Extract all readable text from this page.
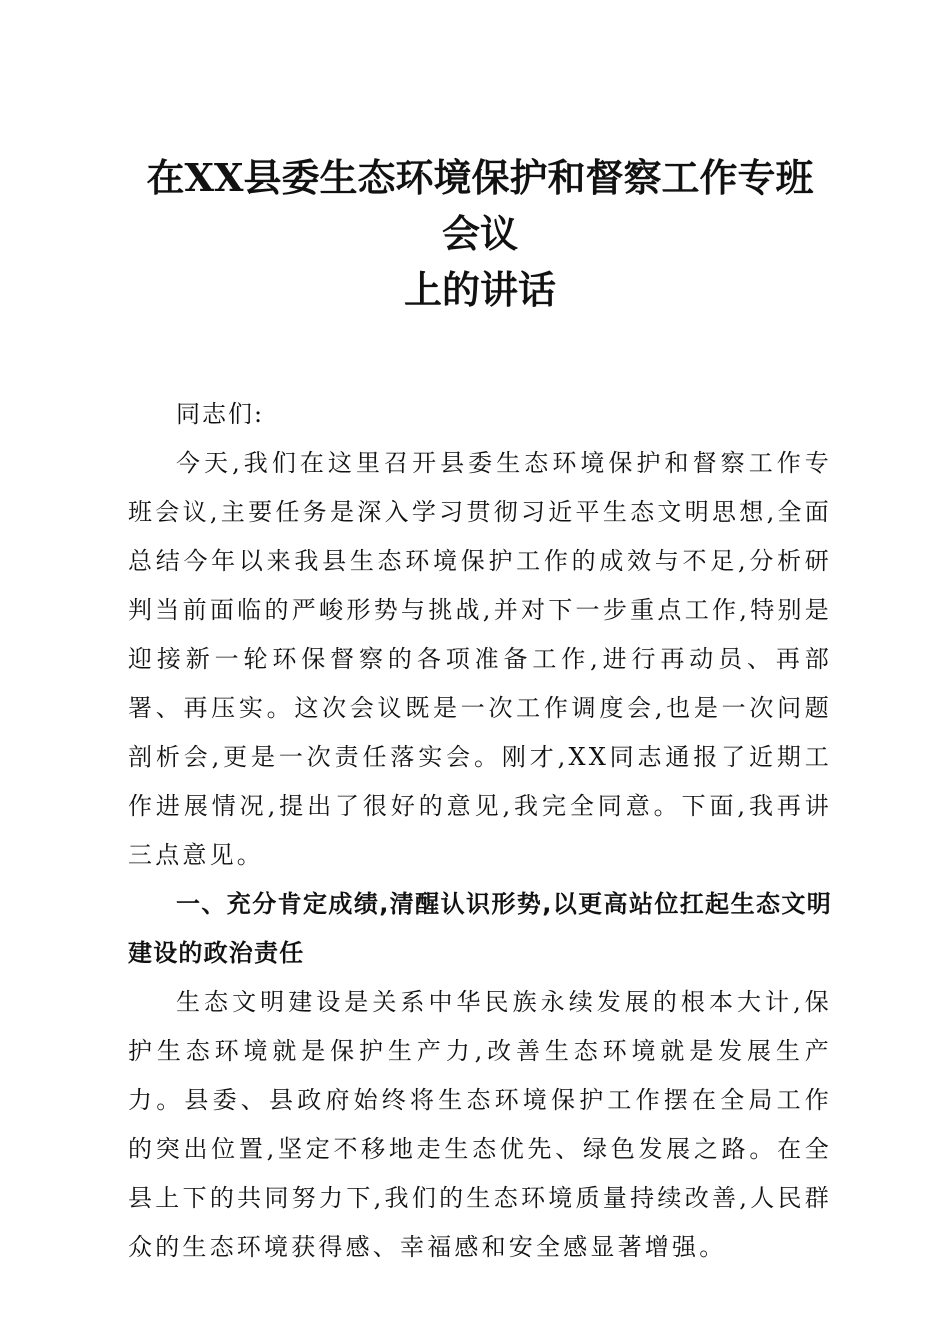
在XX县委生态环境保护和督察工作专班会议
上的讲话

同志们:

今天,我们在这里召开县委生态环境保护和督察工作专班会议,主要任务是深入学习贯彻习近平生态文明思想,全面总结今年以来我县生态环境保护工作的成效与不足,分析研判当前面临的严峻形势与挑战,并对下一步重点工作,特别是迎接新一轮环保督察的各项准备工作,进行再动员、再部署、再压实。这次会议既是一次工作调度会,也是一次问题剖析会,更是一次责任落实会。刚才,XX同志通报了近期工作进展情况,提出了很好的意见,我完全同意。下面,我再讲三点意见。

一、充分肯定成绩,清醒认识形势,以更高站位扛起生态文明建设的政治责任

生态文明建设是关系中华民族永续发展的根本大计,保护生态环境就是保护生产力,改善生态环境就是发展生产力。县委、县政府始终将生态环境保护工作摆在全局工作的突出位置,坚定不移地走生态优先、绿色发展之路。在全县上下的共同努力下,我们的生态环境质量持续改善,人民群众的生态环境获得感、幸福感和安全感显著增强。
